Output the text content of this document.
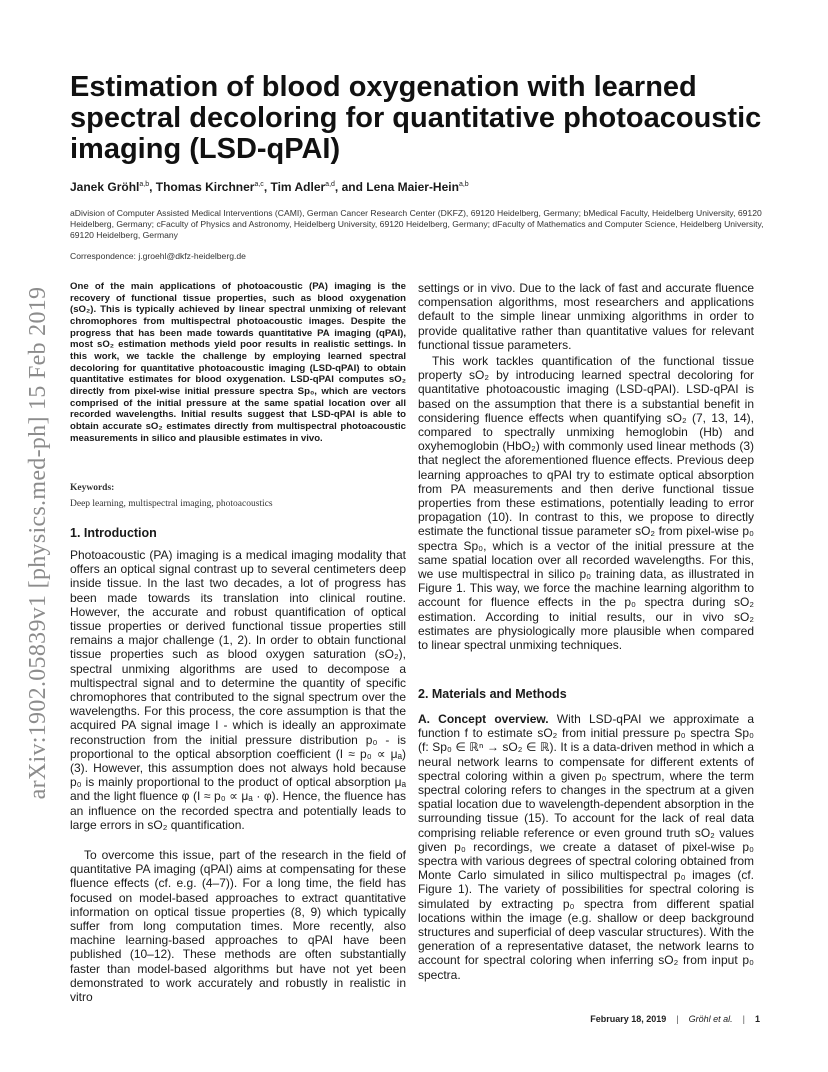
arXiv:1902.05839v1 [physics.med-ph] 15 Feb 2019
Estimation of blood oxygenation with learned spectral decoloring for quantitative photoacoustic imaging (LSD-qPAI)
Janek Gröhl$^{a,b}$, Thomas Kirchner$^{a,c}$, Tim Adler$^{a,d}$, and Lena Maier-Hein$^{a,b}$
aDivision of Computer Assisted Medical Interventions (CAMI), German Cancer Research Center (DKFZ), 69120 Heidelberg, Germany; bMedical Faculty, Heidelberg University, 69120 Heidelberg, Germany; cFaculty of Physics and Astronomy, Heidelberg University, 69120 Heidelberg, Germany; dFaculty of Mathematics and Computer Science, Heidelberg University, 69120 Heidelberg, Germany
Correspondence: j.groehl@dkfz-heidelberg.de
One of the main applications of photoacoustic (PA) imaging is the recovery of functional tissue properties, such as blood oxygenation (sO₂). This is typically achieved by linear spectral unmixing of relevant chromophores from multispectral photoacoustic images. Despite the progress that has been made towards quantitative PA imaging (qPAI), most sO₂ estimation methods yield poor results in realistic settings. In this work, we tackle the challenge by employing learned spectral decoloring for quantitative photoacoustic imaging (LSD-qPAI) to obtain quantitative estimates for blood oxygenation. LSD-qPAI computes sO₂ directly from pixel-wise initial pressure spectra Sp₀, which are vectors comprised of the initial pressure at the same spatial location over all recorded wavelengths. Initial results suggest that LSD-qPAI is able to obtain accurate sO₂ estimates directly from multispectral photoacoustic measurements in silico and plausible estimates in vivo.
Keywords:
Deep learning, multispectral imaging, photoacoustics
1. Introduction
Photoacoustic (PA) imaging is a medical imaging modality that offers an optical signal contrast up to several centimeters deep inside tissue. In the last two decades, a lot of progress has been made towards its translation into clinical routine. However, the accurate and robust quantification of optical tissue properties or derived functional tissue properties still remains a major challenge (1, 2). In order to obtain functional tissue properties such as blood oxygen saturation (sO₂), spectral unmixing algorithms are used to decompose a multispectral signal and to determine the quantity of specific chromophores that contributed to the signal spectrum over the wavelengths. For this process, the core assumption is that the acquired PA signal image I - which is ideally an approximate reconstruction from the initial pressure distribution p₀ - is proportional to the optical absorption coefficient (I ≈ p₀ ∝ μₐ) (3). However, this assumption does not always hold because p₀ is mainly proportional to the product of optical absorption μₐ and the light fluence φ (I ≈ p₀ ∝ μₐ · φ). Hence, the fluence has an influence on the recorded spectra and potentially leads to large errors in sO₂ quantification.
To overcome this issue, part of the research in the field of quantitative PA imaging (qPAI) aims at compensating for these fluence effects (cf. e.g. (4–7)). For a long time, the field has focused on model-based approaches to extract quantitative information on optical tissue properties (8, 9) which typically suffer from long computation times. More recently, also machine learning-based approaches to qPAI have been published (10–12). These methods are often substantially faster than model-based algorithms but have not yet been demonstrated to work accurately and robustly in realistic in vitro
settings or in vivo. Due to the lack of fast and accurate fluence compensation algorithms, most researchers and applications default to the simple linear unmixing algorithms in order to provide qualitative rather than quantitative values for relevant functional tissue parameters.
This work tackles quantification of the functional tissue property sO₂ by introducing learned spectral decoloring for quantitative photoacoustic imaging (LSD-qPAI). LSD-qPAI is based on the assumption that there is a substantial benefit in considering fluence effects when quantifying sO₂ (7, 13, 14), compared to spectrally unmixing hemoglobin (Hb) and oxyhemoglobin (HbO₂) with commonly used linear methods (3) that neglect the aforementioned fluence effects. Previous deep learning approaches to qPAI try to estimate optical absorption from PA measurements and then derive functional tissue properties from these estimations, potentially leading to error propagation (10). In contrast to this, we propose to directly estimate the functional tissue parameter sO₂ from pixel-wise p₀ spectra Sp₀, which is a vector of the initial pressure at the same spatial location over all recorded wavelengths. For this, we use multispectral in silico p₀ training data, as illustrated in Figure 1. This way, we force the machine learning algorithm to account for fluence effects in the p₀ spectra during sO₂ estimation. According to initial results, our in vivo sO₂ estimates are physiologically more plausible when compared to linear spectral unmixing techniques.
2. Materials and Methods
A. Concept overview. With LSD-qPAI we approximate a function f to estimate sO₂ from initial pressure p₀ spectra Sp₀ (f: Sp₀ ∈ ℝⁿ → sO₂ ∈ ℝ). It is a data-driven method in which a neural network learns to compensate for different extents of spectral coloring within a given p₀ spectrum, where the term spectral coloring refers to changes in the spectrum at a given spatial location due to wavelength-dependent absorption in the surrounding tissue (15). To account for the lack of real data comprising reliable reference or even ground truth sO₂ values given p₀ recordings, we create a dataset of pixel-wise p₀ spectra with various degrees of spectral coloring obtained from Monte Carlo simulated in silico multispectral p₀ images (cf. Figure 1). The variety of possibilities for spectral coloring is simulated by extracting p₀ spectra from different spatial locations within the image (e.g. shallow or deep background structures and superficial of deep vascular structures). With the generation of a representative dataset, the network learns to account for spectral coloring when inferring sO₂ from input p₀ spectra.
February 18, 2019 | Gröhl et al. | 1
